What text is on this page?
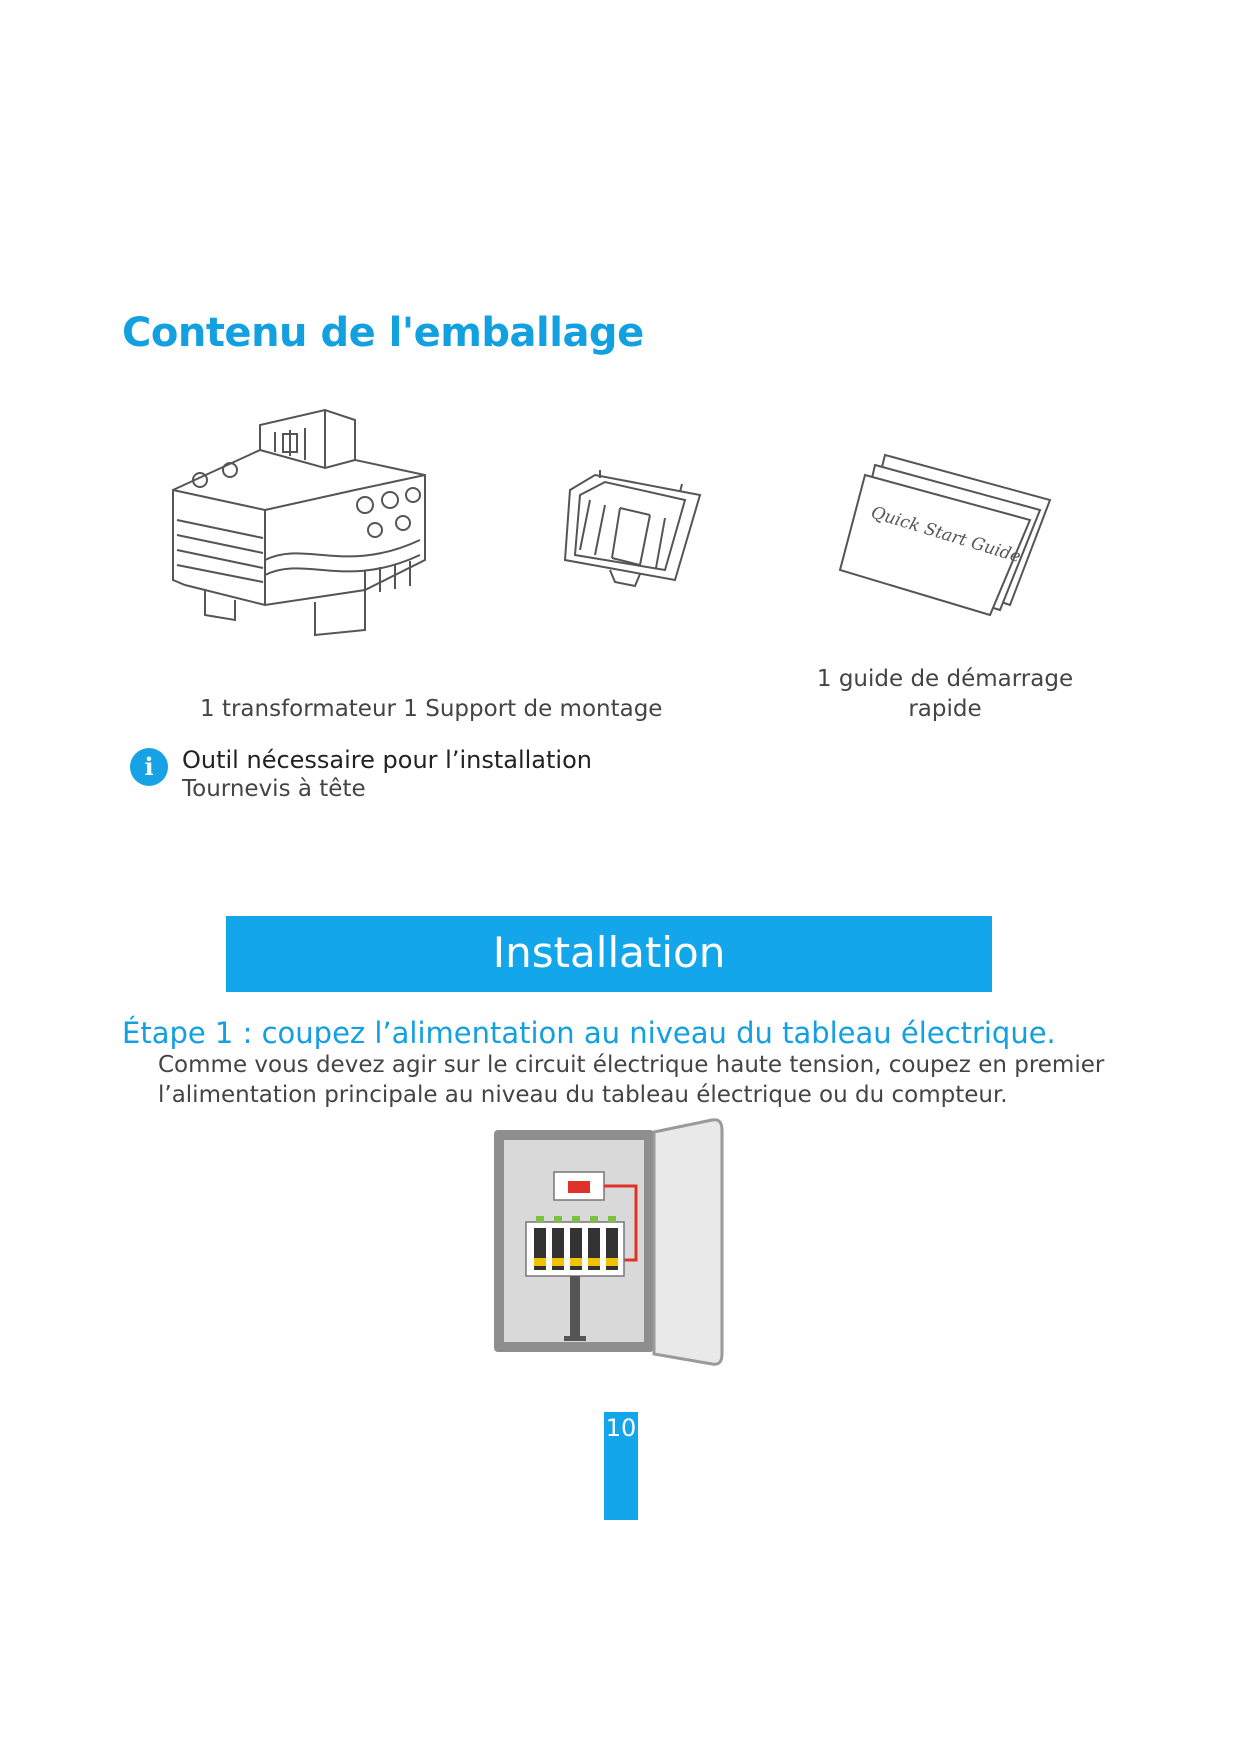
Contenu de l'emballage
Quick Start Guide
1 transformateur 1 Support de montage
1 guide de démarrage rapide
i	Outil nécessaire pour l’installation
Tournevis à tête
Installation
Étape 1 : coupez l’alimentation au niveau du tableau électrique.
Comme vous devez agir sur le circuit électrique haute tension, coupez en premier
l’alimentation principale au niveau du tableau électrique ou du compteur.
10
